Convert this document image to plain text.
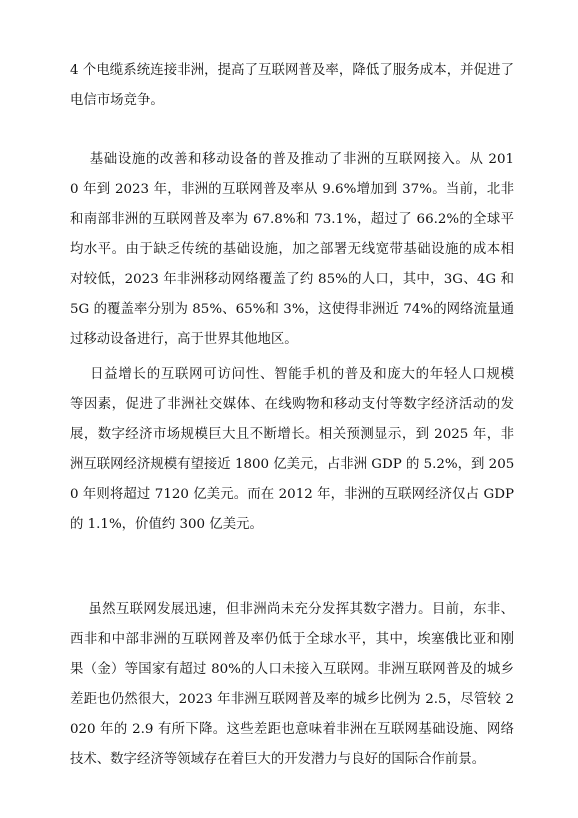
4 个电缆系统连接非洲，提高了互联网普及率，降低了服务成本，并促进了
电信市场竞争。
基础设施的改善和移动设备的普及推动了非洲的互联网接入。从 201
0 年到 2023 年，非洲的互联网普及率从 9.6%增加到 37%。当前，北非
和南部非洲的互联网普及率为 67.8%和 73.1%，超过了 66.2%的全球平
均水平。由于缺乏传统的基础设施，加之部署无线宽带基础设施的成本相
对较低，2023 年非洲移动网络覆盖了约 85%的人口，其中，3G、4G 和
5G 的覆盖率分别为 85%、65%和 3%，这使得非洲近 74%的网络流量通
过移动设备进行，高于世界其他地区。
日益增长的互联网可访问性、智能手机的普及和庞大的年轻人口规模
等因素，促进了非洲社交媒体、在线购物和移动支付等数字经济活动的发
展，数字经济市场规模巨大且不断增长。相关预测显示，到 2025 年，非
洲互联网经济规模有望接近 1800 亿美元，占非洲 GDP 的 5.2%，到 205
0 年则将超过 7120 亿美元。而在 2012 年，非洲的互联网经济仅占 GDP
的 1.1%，价值约 300 亿美元。
虽然互联网发展迅速，但非洲尚未充分发挥其数字潜力。目前，东非、
西非和中部非洲的互联网普及率仍低于全球水平，其中，埃塞俄比亚和刚
果（金）等国家有超过 80%的人口未接入互联网。非洲互联网普及的城乡
差距也仍然很大，2023 年非洲互联网普及率的城乡比例为 2.5，尽管较 2
020 年的 2.9 有所下降。这些差距也意味着非洲在互联网基础设施、网络
技术、数字经济等领域存在着巨大的开发潜力与良好的国际合作前景。
